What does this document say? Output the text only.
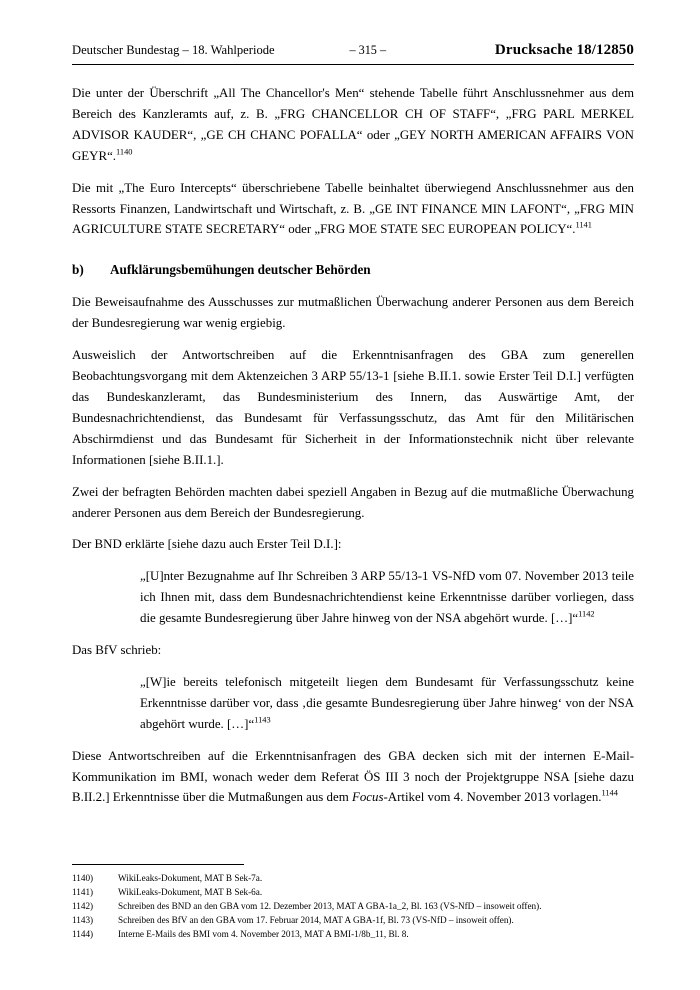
Deutscher Bundestag – 18. Wahlperiode	– 315 –	Drucksache 18/12850

Die unter der Überschrift „All The Chancellor's Men“ stehende Tabelle führt Anschlussnehmer aus dem Bereich des Kanzleramts auf, z. B. „FRG CHANCELLOR CH OF STAFF“, „FRG PARL MERKEL ADVISOR KAUDER“, „GE CH CHANC POFALLA“ oder „GEY NORTH AMERICAN AFFAIRS VON GEYR“.$^{1140}$

Die mit „The Euro Intercepts“ überschriebene Tabelle beinhaltet überwiegend Anschlussnehmer aus den Ressorts Finanzen, Landwirtschaft und Wirtschaft, z. B. „GE INT FINANCE MIN LAFONT“, „FRG MIN AGRICULTURE STATE SECRETARY“ oder „FRG MOE STATE SEC EUROPEAN POLICY“.$^{1141}$

b)	Aufklärungsbemühungen deutscher Behörden

Die Beweisaufnahme des Ausschusses zur mutmaßlichen Überwachung anderer Personen aus dem Bereich der Bundesregierung war wenig ergiebig.

Ausweislich der Antwortschreiben auf die Erkenntnisanfragen des GBA zum generellen Beobachtungsvorgang mit dem Aktenzeichen 3 ARP 55/13-1 [siehe B.II.1. sowie Erster Teil D.I.] verfügten das Bundeskanzleramt, das Bundesministerium des Innern, das Auswärtige Amt, der Bundesnachrichtendienst, das Bundesamt für Verfassungsschutz, das Amt für den Militärischen Abschirmdienst und das Bundesamt für Sicherheit in der Informationstechnik nicht über relevante Informationen [siehe B.II.1.].

Zwei der befragten Behörden machten dabei speziell Angaben in Bezug auf die mutmaßliche Überwachung anderer Personen aus dem Bereich der Bundesregierung.

Der BND erklärte [siehe dazu auch Erster Teil D.I.]:

„[U]nter Bezugnahme auf Ihr Schreiben 3 ARP 55/13-1 VS-NfD vom 07. November 2013 teile ich Ihnen mit, dass dem Bundesnachrichtendienst keine Erkenntnisse darüber vorliegen, dass die gesamte Bundesregierung über Jahre hinweg von der NSA abgehört wurde. […]“$^{1142}$

Das BfV schrieb:

„[W]ie bereits telefonisch mitgeteilt liegen dem Bundesamt für Verfassungsschutz keine Erkenntnisse darüber vor, dass ‚die gesamte Bundesregierung über Jahre hinweg‘ von der NSA abgehört wurde. […]“$^{1143}$

Diese Antwortschreiben auf die Erkenntnisanfragen des GBA decken sich mit der internen E-Mail-Kommunikation im BMI, wonach weder dem Referat ÖS III 3 noch der Projektgruppe NSA [siehe dazu B.II.2.] Erkenntnisse über die Mutmaßungen aus dem Focus-Artikel vom 4. November 2013 vorlagen.$^{1144}$

1140)	WikiLeaks-Dokument, MAT B Sek-7a.
1141)	WikiLeaks-Dokument, MAT B Sek-6a.
1142)	Schreiben des BND an den GBA vom 12. Dezember 2013, MAT A GBA-1a_2, Bl. 163 (VS-NfD – insoweit offen).
1143)	Schreiben des BfV an den GBA vom 17. Februar 2014, MAT A GBA-1f, Bl. 73 (VS-NfD – insoweit offen).
1144)	Interne E-Mails des BMI vom 4. November 2013, MAT A BMI-1/8b_11, Bl. 8.
